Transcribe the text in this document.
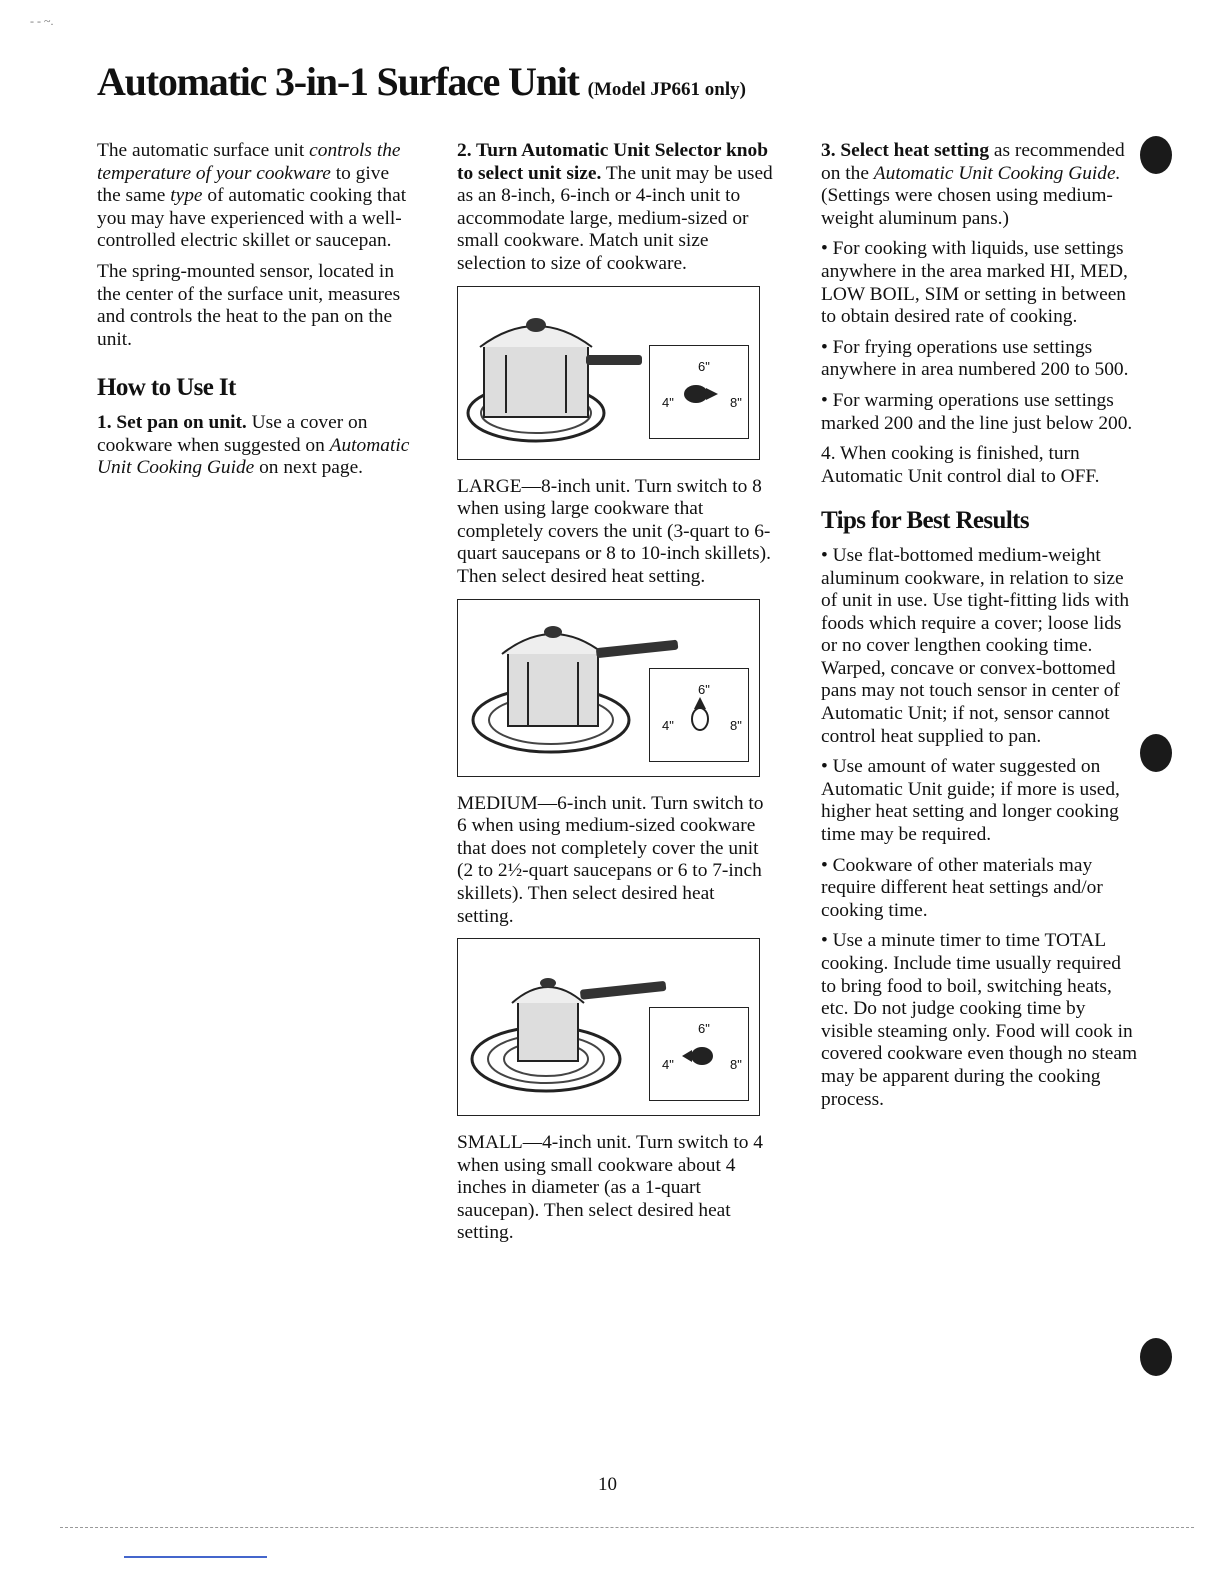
- - ~.
Automatic 3-in-1 Surface Unit (Model JP661 only)

The automatic surface unit controls the temperature of your cookware to give the same type of automatic cooking that you may have experienced with a well-controlled electric skillet or saucepan.

The spring-mounted sensor, located in the center of the surface unit, measures and controls the heat to the pan on the unit.

How to Use It

1. Set pan on unit. Use a cover on cookware when suggested on Automatic Unit Cooking Guide on next page.

2. Turn Automatic Unit Selector knob to select unit size. The unit may be used as an 8-inch, 6-inch or 4-inch unit to accommodate large, medium-sized or small cookware. Match unit size selection to size of cookware.

6"
4"	8"

LARGE—8-inch unit. Turn switch to 8 when using large cookware that completely covers the unit (3-quart to 6-quart saucepans or 8 to 10-inch skillets). Then select desired heat setting.

6"
4"	8"

MEDIUM—6-inch unit. Turn switch to 6 when using medium-sized cookware that does not completely cover the unit (2 to 2½-quart saucepans or 6 to 7-inch skillets). Then select desired heat setting.

6"
4"	8"

SMALL—4-inch unit. Turn switch to 4 when using small cookware about 4 inches in diameter (as a 1-quart saucepan). Then select desired heat setting.

3. Select heat setting as recommended on the Automatic Unit Cooking Guide. (Settings were chosen using medium-weight aluminum pans.)

• For cooking with liquids, use settings anywhere in the area marked HI, MED, LOW BOIL, SIM or setting in between to obtain desired rate of cooking.

• For frying operations use settings anywhere in area numbered 200 to 500.

• For warming operations use settings marked 200 and the line just below 200.

4. When cooking is finished, turn Automatic Unit control dial to OFF.

Tips for Best Results

• Use flat-bottomed medium-weight aluminum cookware, in relation to size of unit in use. Use tight-fitting lids with foods which require a cover; loose lids or no cover lengthen cooking time. Warped, concave or convex-bottomed pans may not touch sensor in center of Automatic Unit; if not, sensor cannot control heat supplied to pan.

• Use amount of water suggested on Automatic Unit guide; if more is used, higher heat setting and longer cooking time may be required.

• Cookware of other materials may require different heat settings and/or cooking time.

• Use a minute timer to time TOTAL cooking. Include time usually required to bring food to boil, switching heats, etc. Do not judge cooking time by visible steaming only. Food will cook in covered cookware even though no steam may be apparent during the cooking process.

10
